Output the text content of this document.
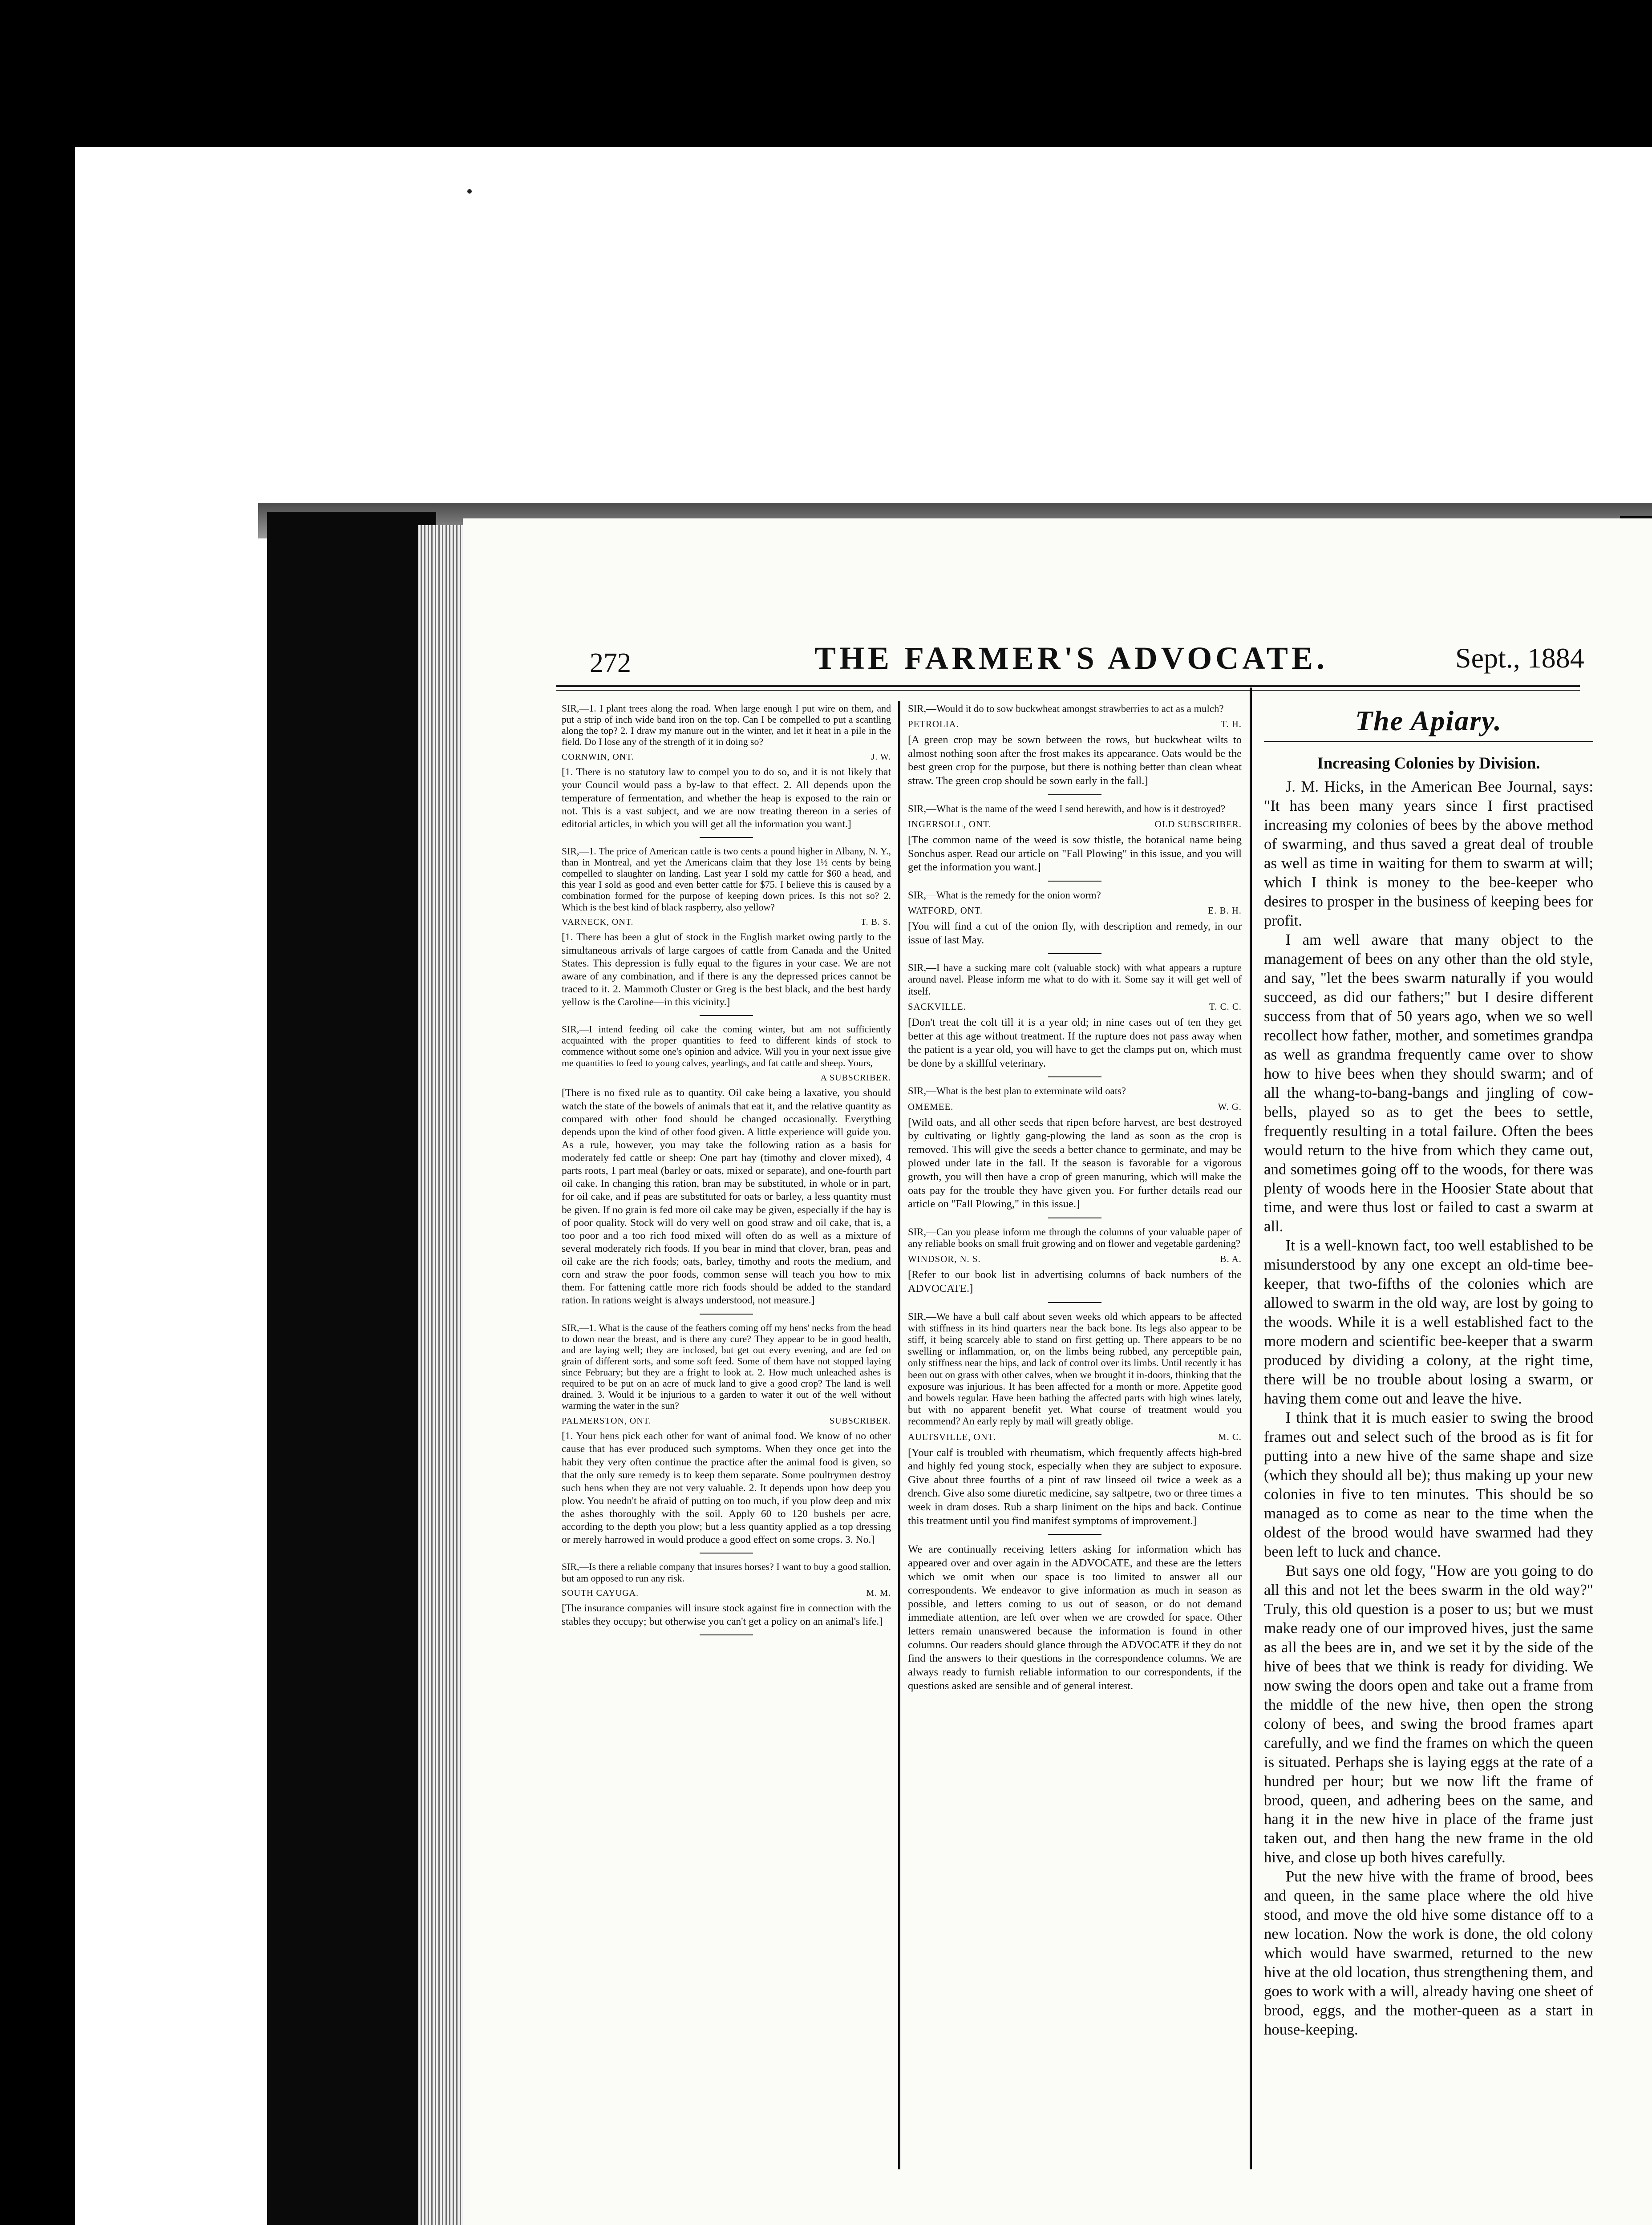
272	THE FARMER'S ADVOCATE.	Sept., 1884

SIR,—1. I plant trees along the road. When large enough I put wire on them, and put a strip of inch wide band iron on the top. Can I be compelled to put a scantling along the top? 2. I draw my manure out in the winter, and let it heat in a pile in the field. Do I lose any of the strength of it in doing so?

CORNWIN, ONT.	J. W.

[1. There is no statutory law to compel you to do so, and it is not likely that your Council would pass a by-law to that effect. 2. All depends upon the temperature of fermentation, and whether the heap is exposed to the rain or not. This is a vast subject, and we are now treating thereon in a series of editorial articles, in which you will get all the information you want.]

SIR,—1. The price of American cattle is two cents a pound higher in Albany, N. Y., than in Montreal, and yet the Americans claim that they lose 1½ cents by being compelled to slaughter on landing. Last year I sold my cattle for $60 a head, and this year I sold as good and even better cattle for $75. I believe this is caused by a combination formed for the purpose of keeping down prices. Is this not so? 2. Which is the best kind of black raspberry, also yellow?

VARNECK, ONT.	T. B. S.

[1. There has been a glut of stock in the English market owing partly to the simultaneous arrivals of large cargoes of cattle from Canada and the United States. This depression is fully equal to the figures in your case. We are not aware of any combination, and if there is any the depressed prices cannot be traced to it. 2. Mammoth Cluster or Greg is the best black, and the best hardy yellow is the Caroline—in this vicinity.]

SIR,—I intend feeding oil cake the coming winter, but am not sufficiently acquainted with the proper quantities to feed to different kinds of stock to commence without some one's opinion and advice. Will you in your next issue give me quantities to feed to young calves, yearlings, and fat cattle and sheep. Yours,

A SUBSCRIBER.

[There is no fixed rule as to quantity. Oil cake being a laxative, you should watch the state of the bowels of animals that eat it, and the relative quantity as compared with other food should be changed occasionally. Everything depends upon the kind of other food given. A little experience will guide you. As a rule, however, you may take the following ration as a basis for moderately fed cattle or sheep: One part hay (timothy and clover mixed), 4 parts roots, 1 part meal (barley or oats, mixed or separate), and one-fourth part oil cake. In changing this ration, bran may be substituted, in whole or in part, for oil cake, and if peas are substituted for oats or barley, a less quantity must be given. If no grain is fed more oil cake may be given, especially if the hay is of poor quality. Stock will do very well on good straw and oil cake, that is, a too poor and a too rich food mixed will often do as well as a mixture of several moderately rich foods. If you bear in mind that clover, bran, peas and oil cake are the rich foods; oats, barley, timothy and roots the medium, and corn and straw the poor foods, common sense will teach you how to mix them. For fattening cattle more rich foods should be added to the standard ration. In rations weight is always understood, not measure.]

SIR,—1. What is the cause of the feathers coming off my hens' necks from the head to down near the breast, and is there any cure? They appear to be in good health, and are laying well; they are inclosed, but get out every evening, and are fed on grain of different sorts, and some soft feed. Some of them have not stopped laying since February; but they are a fright to look at. 2. How much unleached ashes is required to be put on an acre of muck land to give a good crop? The land is well drained. 3. Would it be injurious to a garden to water it out of the well without warming the water in the sun?

PALMERSTON, ONT.	SUBSCRIBER.

[1. Your hens pick each other for want of animal food. We know of no other cause that has ever produced such symptoms. When they once get into the habit they very often continue the practice after the animal food is given, so that the only sure remedy is to keep them separate. Some poultrymen destroy such hens when they are not very valuable. 2. It depends upon how deep you plow. You needn't be afraid of putting on too much, if you plow deep and mix the ashes thoroughly with the soil. Apply 60 to 120 bushels per acre, according to the depth you plow; but a less quantity applied as a top dressing or merely harrowed in would produce a good effect on some crops. 3. No.]

SIR,—Is there a reliable company that insures horses? I want to buy a good stallion, but am opposed to run any risk.

SOUTH CAYUGA.	M. M.

[The insurance companies will insure stock against fire in connection with the stables they occupy; but otherwise you can't get a policy on an animal's life.]

SIR,—Would it do to sow buckwheat amongst strawberries to act as a mulch?

PETROLIA.	T. H.

[A green crop may be sown between the rows, but buckwheat wilts to almost nothing soon after the frost makes its appearance. Oats would be the best green crop for the purpose, but there is nothing better than clean wheat straw. The green crop should be sown early in the fall.]

SIR,—What is the name of the weed I send herewith, and how is it destroyed?

INGERSOLL, ONT.	OLD SUBSCRIBER.

[The common name of the weed is sow thistle, the botanical name being Sonchus asper. Read our article on "Fall Plowing" in this issue, and you will get the information you want.]

SIR,—What is the remedy for the onion worm?

WATFORD, ONT.	E. B. H.

[You will find a cut of the onion fly, with description and remedy, in our issue of last May.

SIR,—I have a sucking mare colt (valuable stock) with what appears a rupture around navel. Please inform me what to do with it. Some say it will get well of itself.

SACKVILLE.	T. C. C.

[Don't treat the colt till it is a year old; in nine cases out of ten they get better at this age without treatment. If the rupture does not pass away when the patient is a year old, you will have to get the clamps put on, which must be done by a skillful veterinary.

SIR,—What is the best plan to exterminate wild oats?

OMEMEE.	W. G.

[Wild oats, and all other seeds that ripen before harvest, are best destroyed by cultivating or lightly gang-plowing the land as soon as the crop is removed. This will give the seeds a better chance to germinate, and may be plowed under late in the fall. If the season is favorable for a vigorous growth, you will then have a crop of green manuring, which will make the oats pay for the trouble they have given you. For further details read our article on "Fall Plowing," in this issue.]

SIR,—Can you please inform me through the columns of your valuable paper of any reliable books on small fruit growing and on flower and vegetable gardening?

WINDSOR, N. S.	B. A.

[Refer to our book list in advertising columns of back numbers of the ADVOCATE.]

SIR,—We have a bull calf about seven weeks old which appears to be affected with stiffness in its hind quarters near the back bone. Its legs also appear to be stiff, it being scarcely able to stand on first getting up. There appears to be no swelling or inflammation, or, on the limbs being rubbed, any perceptible pain, only stiffness near the hips, and lack of control over its limbs. Until recently it has been out on grass with other calves, when we brought it in-doors, thinking that the exposure was injurious. It has been affected for a month or more. Appetite good and bowels regular. Have been bathing the affected parts with high wines lately, but with no apparent benefit yet. What course of treatment would you recommend? An early reply by mail will greatly oblige.

AULTSVILLE, ONT.	M. C.

[Your calf is troubled with rheumatism, which frequently affects high-bred and highly fed young stock, especially when they are subject to exposure. Give about three fourths of a pint of raw linseed oil twice a week as a drench. Give also some diuretic medicine, say saltpetre, two or three times a week in dram doses. Rub a sharp liniment on the hips and back. Continue this treatment until you find manifest symptoms of improvement.]

We are continually receiving letters asking for information which has appeared over and over again in the ADVOCATE, and these are the letters which we omit when our space is too limited to answer all our correspondents. We endeavor to give information as much in season as possible, and letters coming to us out of season, or do not demand immediate attention, are left over when we are crowded for space. Other letters remain unanswered because the information is found in other columns. Our readers should glance through the ADVOCATE if they do not find the answers to their questions in the correspondence columns. We are always ready to furnish reliable information to our correspondents, if the questions asked are sensible and of general interest.

The Apiary.
Increasing Colonies by Division.

J. M. Hicks, in the American Bee Journal, says: "It has been many years since I first practised increasing my colonies of bees by the above method of swarming, and thus saved a great deal of trouble as well as time in waiting for them to swarm at will; which I think is money to the bee-keeper who desires to prosper in the business of keeping bees for profit.

I am well aware that many object to the management of bees on any other than the old style, and say, "let the bees swarm naturally if you would succeed, as did our fathers;" but I desire different success from that of 50 years ago, when we so well recollect how father, mother, and sometimes grandpa as well as grandma frequently came over to show how to hive bees when they should swarm; and of all the whang-to-bang-bangs and jingling of cow-bells, played so as to get the bees to settle, frequently resulting in a total failure. Often the bees would return to the hive from which they came out, and sometimes going off to the woods, for there was plenty of woods here in the Hoosier State about that time, and were thus lost or failed to cast a swarm at all.

It is a well-known fact, too well established to be misunderstood by any one except an old-time bee-keeper, that two-fifths of the colonies which are allowed to swarm in the old way, are lost by going to the woods. While it is a well established fact to the more modern and scientific bee-keeper that a swarm produced by dividing a colony, at the right time, there will be no trouble about losing a swarm, or having them come out and leave the hive.

I think that it is much easier to swing the brood frames out and select such of the brood as is fit for putting into a new hive of the same shape and size (which they should all be); thus making up your new colonies in five to ten minutes. This should be so managed as to come as near to the time when the oldest of the brood would have swarmed had they been left to luck and chance.

But says one old fogy, "How are you going to do all this and not let the bees swarm in the old way?" Truly, this old question is a poser to us; but we must make ready one of our improved hives, just the same as all the bees are in, and we set it by the side of the hive of bees that we think is ready for dividing. We now swing the doors open and take out a frame from the middle of the new hive, then open the strong colony of bees, and swing the brood frames apart carefully, and we find the frames on which the queen is situated. Perhaps she is laying eggs at the rate of a hundred per hour; but we now lift the frame of brood, queen, and adhering bees on the same, and hang it in the new hive in place of the frame just taken out, and then hang the new frame in the old hive, and close up both hives carefully.

Put the new hive with the frame of brood, bees and queen, in the same place where the old hive stood, and move the old hive some distance off to a new location. Now the work is done, the old colony which would have swarmed, returned to the new hive at the old location, thus strengthening them, and goes to work with a will, already having one sheet of brood, eggs, and the mother-queen as a start in house-keeping.
